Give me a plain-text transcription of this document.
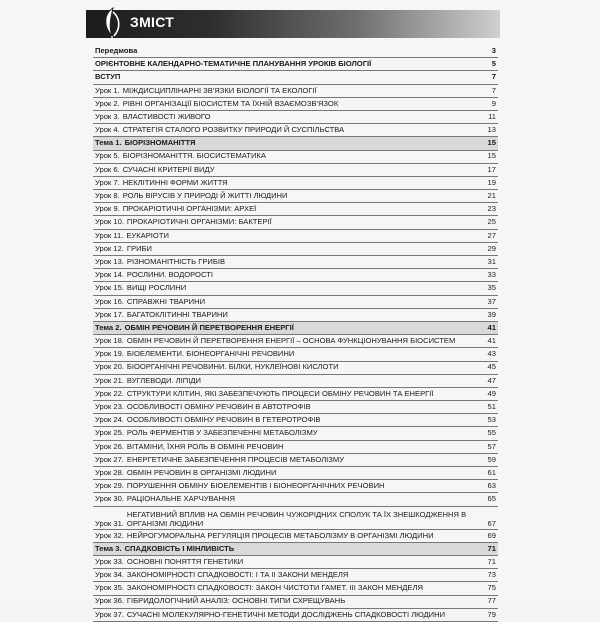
ЗМІСТ
Передмова	3
ОРІЄНТОВНЕ КАЛЕНДАРНО-ТЕМАТИЧНЕ ПЛАНУВАННЯ УРОКІВ БІОЛОГІЇ	5
ВСТУП	7
Урок 1. МІЖДИСЦИПЛІНАРНІ ЗВ'ЯЗКИ БІОЛОГІЇ ТА ЕКОЛОГІЇ	7
Урок 2. РІВНІ ОРГАНІЗАЦІЇ БІОСИСТЕМ ТА ЇХНІЙ ВЗАЄМОЗВ'ЯЗОК	9
Урок 3. ВЛАСТИВОСТІ ЖИВОГО	11
Урок 4. СТРАТЕГІЯ СТАЛОГО РОЗВИТКУ ПРИРОДИ Й СУСПІЛЬСТВА	13
Тема 1. БІОРІЗНОМАНІТТЯ	15
Урок 5. БІОРІЗНОМАНІТТЯ. БІОСИСТЕМАТИКА	15
Урок 6. СУЧАСНІ КРИТЕРІЇ ВИДУ	17
Урок 7. НЕКЛІТИННІ ФОРМИ ЖИТТЯ	19
Урок 8. РОЛЬ ВІРУСІВ У ПРИРОДІ Й ЖИТТІ ЛЮДИНИ	21
Урок 9. ПРОКАРІОТИЧНІ ОРГАНІЗМИ: АРХЕЇ	23
Урок 10. ПРОКАРІОТИЧНІ ОРГАНІЗМИ: БАКТЕРІЇ	25
Урок 11. ЕУКАРІОТИ	27
Урок 12. ГРИБИ	29
Урок 13. РІЗНОМАНІТНІСТЬ ГРИБІВ	31
Урок 14. РОСЛИНИ. ВОДОРОСТІ	33
Урок 15. ВИЩІ РОСЛИНИ	35
Урок 16. СПРАВЖНІ ТВАРИНИ	37
Урок 17. БАГАТОКЛІТИННІ ТВАРИНИ	39
Тема 2. ОБМІН РЕЧОВИН Й ПЕРЕТВОРЕННЯ ЕНЕРГІЇ	41
Урок 18. ОБМІН РЕЧОВИН Й ПЕРЕТВОРЕННЯ ЕНЕРГІЇ – ОСНОВА ФУНКЦІОНУВАННЯ БІОСИСТЕМ	41
Урок 19. БІОЕЛЕМЕНТИ. БІОНЕОРГАНІЧНІ РЕЧОВИНИ	43
Урок 20. БІООРГАНІЧНІ РЕЧОВИНИ. БІЛКИ, НУКЛЕЇНОВІ КИСЛОТИ	45
Урок 21. ВУГЛЕВОДИ. ЛІПІДИ	47
Урок 22. СТРУКТУРИ КЛІТИН, ЯКІ ЗАБЕЗПЕЧУЮТЬ ПРОЦЕСИ ОБМІНУ РЕЧОВИН ТА ЕНЕРГІЇ	49
Урок 23. ОСОБЛИВОСТІ ОБМІНУ РЕЧОВИН В АВТОТРОФІВ	51
Урок 24. ОСОБЛИВОСТІ ОБМІНУ РЕЧОВИН В ГЕТЕРОТРОФІВ	53
Урок 25. РОЛЬ ФЕРМЕНТІВ У ЗАБЕЗПЕЧЕННІ МЕТАБОЛІЗМУ	55
Урок 26. ВІТАМІНИ, ЇХНЯ РОЛЬ В ОБМІНІ РЕЧОВИН	57
Урок 27. ЕНЕРГЕТИЧНЕ ЗАБЕЗПЕЧЕННЯ ПРОЦЕСІВ МЕТАБОЛІЗМУ	59
Урок 28. ОБМІН РЕЧОВИН В ОРГАНІЗМІ ЛЮДИНИ	61
Урок 29. ПОРУШЕННЯ ОБМІНУ БІОЕЛЕМЕНТІВ І БІОНЕОРГАНІЧНИХ РЕЧОВИН	63
Урок 30. РАЦІОНАЛЬНЕ ХАРЧУВАННЯ	65
Урок 31.
НЕГАТИВНИЙ ВПЛИВ НА ОБМІН РЕЧОВИН ЧУЖОРІДНИХ СПОЛУК ТА ЇХ ЗНЕШКОДЖЕННЯ В ОРГАНІЗМІ ЛЮДИНИ	67
Урок 32. НЕЙРОГУМОРАЛЬНА РЕГУЛЯЦІЯ ПРОЦЕСІВ МЕТАБОЛІЗМУ В ОРГАНІЗМІ ЛЮДИНИ	69
Тема 3. СПАДКОВІСТЬ І МІНЛИВІСТЬ	71
Урок 33. ОСНОВНІ ПОНЯТТЯ ГЕНЕТИКИ	71
Урок 34. ЗАКОНОМІРНОСТІ СПАДКОВОСТІ: І ТА ІІ ЗАКОНИ МЕНДЕЛЯ	73
Урок 35. ЗАКОНОМІРНОСТІ СПАДКОВОСТІ: ЗАКОН ЧИСТОТИ ГАМЕТ. ІІІ ЗАКОН МЕНДЕЛЯ	75
Урок 36. ГІБРИДОЛОГІЧНИЙ АНАЛІЗ: ОСНОВНІ ТИПИ СХРЕЩУВАНЬ	77
Урок 37. СУЧАСНІ МОЛЕКУЛЯРНО-ГЕНЕТИЧНІ МЕТОДИ ДОСЛІДЖЕНЬ СПАДКОВОСТІ ЛЮДИНИ	79
